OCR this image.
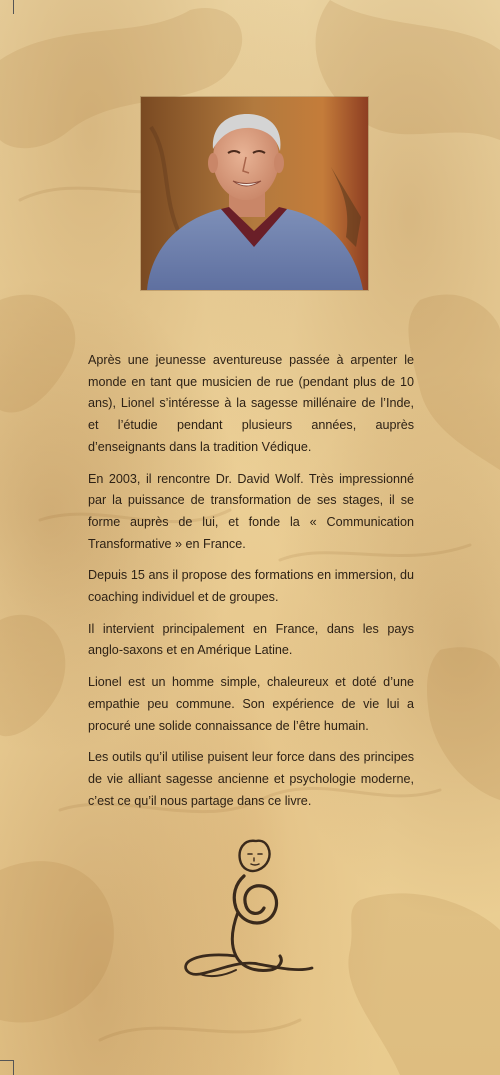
Après une jeunesse aventureuse passée à arpenter le monde en tant que musicien de rue (pendant plus de 10 ans), Lionel s’intéresse à la sagesse millénaire de l’Inde, et l’étudie pendant plusieurs années, auprès d’enseignants dans la tradition Védique.

En 2003, il rencontre Dr. David Wolf. Très impressionné par la puissance de transformation de ses stages, il se forme auprès de lui, et fonde la « Communication Transformative » en France.

Depuis 15 ans il propose des formations en immersion, du coaching individuel et de groupes.

Il intervient principalement en France, dans les pays anglo-saxons et en Amérique Latine.

Lionel est un homme simple, chaleureux et doté d’une empathie peu commune. Son expérience de vie lui a procuré une solide connaissance de l’être humain.

Les outils qu’il utilise puisent leur force dans des principes de vie alliant sagesse ancienne et psychologie moderne, c’est ce qu’il nous partage dans ce livre.
